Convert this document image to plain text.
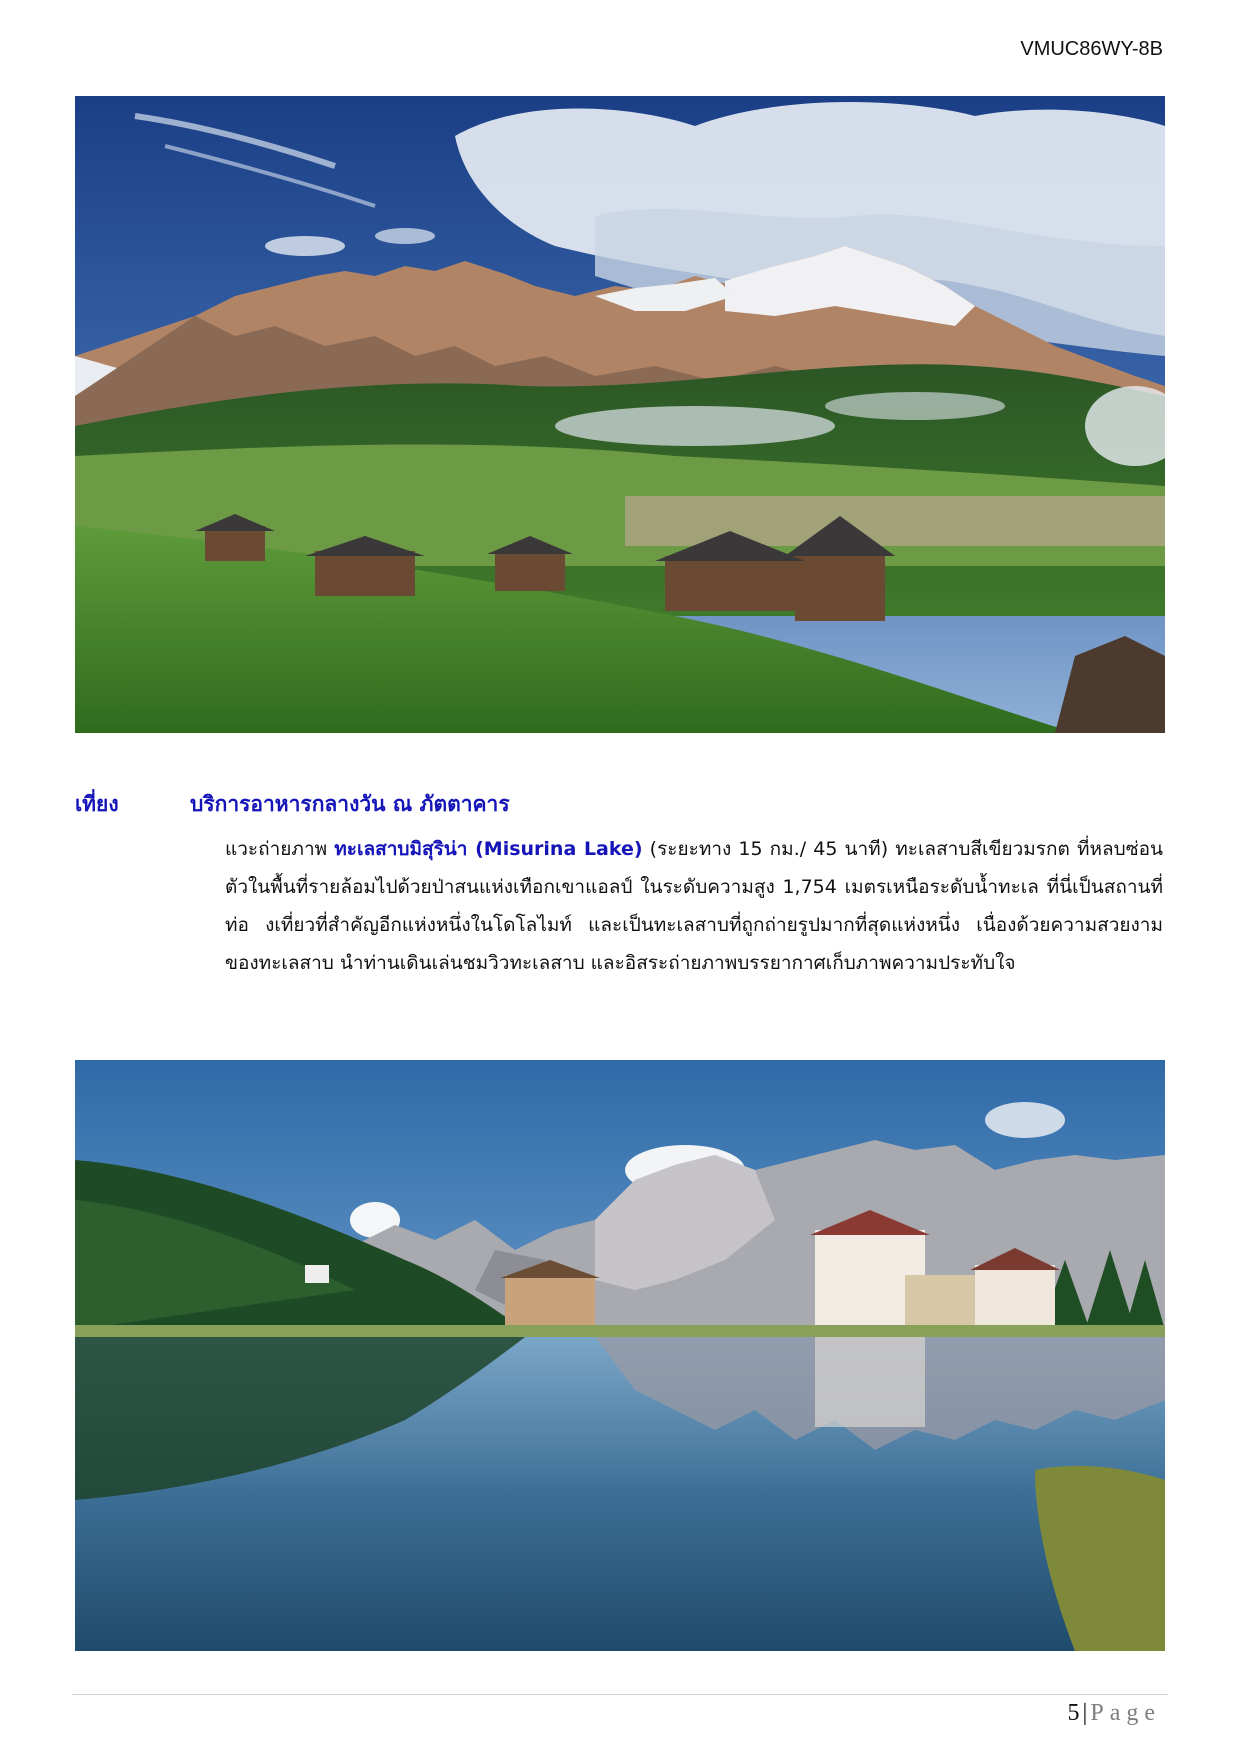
VMUC86WY-8B
เที่ยง	บริการอาหารกลางวัน ณ ภัตตาคาร
แวะถ่ายภาพ ทะเลสาบมิสุริน่า (Misurina Lake) (ระยะทาง 15 กม./ 45 นาที) ทะเลสาบสีเขียวมรกต ที่หลบซ่อนตัวในพื้นที่รายล้อมไปด้วยป่าสนแห่งเทือกเขาแอลป์ ในระดับความสูง 1,754 เมตรเหนือระดับน้ำทะเล ที่นี่เป็นสถานที่ท่อ งเที่ยวที่สำคัญอีกแห่งหนึ่งในโดโลไมท์ และเป็นทะเลสาบที่ถูกถ่ายรูปมากที่สุดแห่งหนึ่ง เนื่องด้วยความสวยงามของทะเลสาบ นำท่านเดินเล่นชมวิวทะเลสาบ และอิสระถ่ายภาพบรรยากาศเก็บภาพความประทับใจ
5 | Page
